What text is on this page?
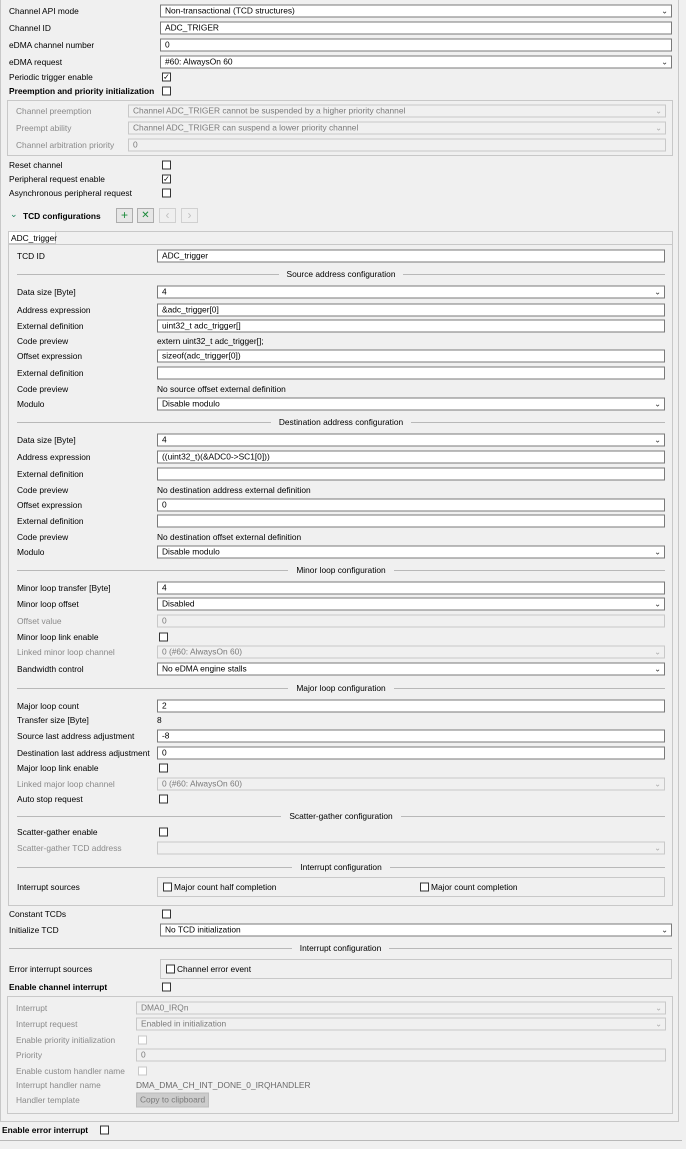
⌄ TCD configurations	+	✕	‹	›
ADC_trigger
Channel API mode	Non-transactional (TCD structures)	⌄
Channel ID	ADC_TRIGER
eDMA channel number	0
eDMA request	#60: AlwaysOn 60	⌄
Periodic trigger enable	✓
Preemption and priority initialization
Channel preemption	Channel ADC_TRIGER cannot be suspended by a higher priority channel	⌄
Preempt ability	Channel ADC_TRIGER can suspend a lower priority channel	⌄
Channel arbitration priority	0
Reset channel
Peripheral request enable	✓
Asynchronous peripheral request
TCD ID	ADC_trigger
Source address configuration
Data size [Byte]	4	⌄
Address expression	&adc_trigger[0]
External definition	uint32_t adc_trigger[]
Code preview	extern uint32_t adc_trigger[];
Offset expression	sizeof(adc_trigger[0])
External definition
Code preview	No source offset external definition
Modulo	Disable modulo	⌄
Destination address configuration
Data size [Byte]	4	⌄
Address expression	((uint32_t)(&ADC0->SC1[0]))
External definition
Code preview	No destination address external definition
Offset expression	0
External definition
Code preview	No destination offset external definition
Modulo	Disable modulo	⌄
Minor loop configuration
Minor loop transfer [Byte]	4
Minor loop offset	Disabled	⌄
Offset value	0
Minor loop link enable
Linked minor loop channel	0 (#60: AlwaysOn 60)	⌄
Bandwidth control	No eDMA engine stalls	⌄
Major loop configuration
Major loop count	2
Transfer size [Byte]	8
Source last address adjustment	-8
Destination last address adjustment	0
Major loop link enable
Linked major loop channel	0 (#60: AlwaysOn 60)	⌄
Auto stop request
Scatter-gather configuration
Scatter-gather enable
Scatter-gather TCD address	⌄
Interrupt configuration
Interrupt sources	Major count half completion	Major count completion
Constant TCDs
Initialize TCD	No TCD initialization	⌄
Interrupt configuration
Error interrupt sources	Channel error event
Enable channel interrupt
Interrupt	DMA0_IRQn	⌄
Interrupt request	Enabled in initialization	⌄
Enable priority initialization
Priority	0
Enable custom handler name
Interrupt handler name	DMA_DMA_CH_INT_DONE_0_IRQHANDLER
Handler template	Copy to clipboard
Enable error interrupt
